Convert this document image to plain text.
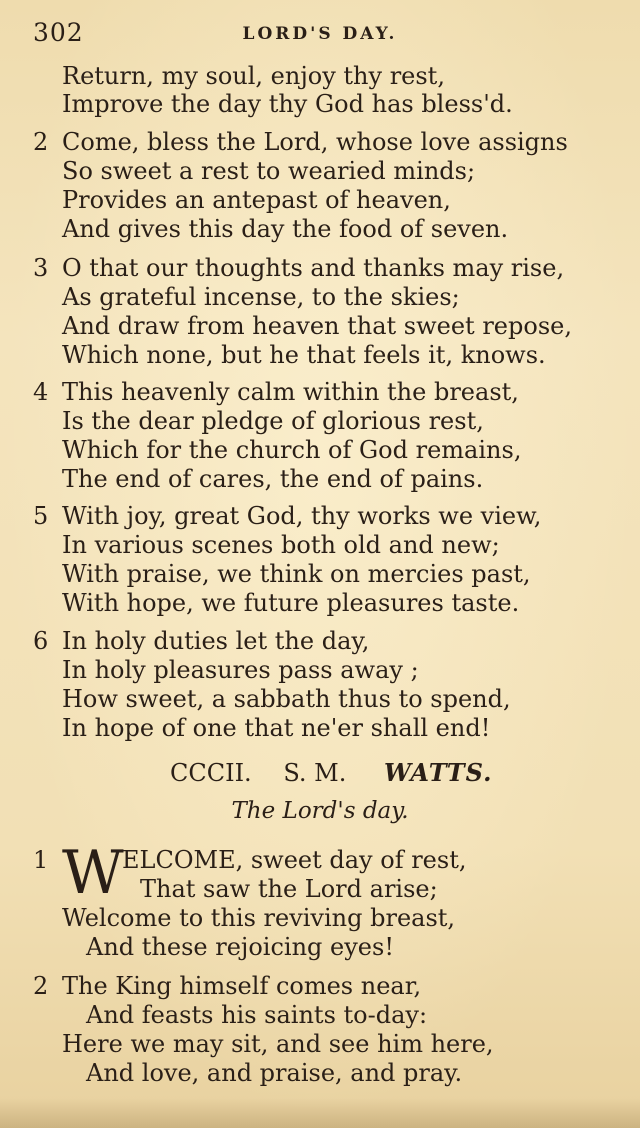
302	LORD'S DAY.
Return, my soul, enjoy thy rest,
Improve the day thy God has bless'd.
2 Come, bless the Lord, whose love assigns
So sweet a rest to wearied minds;
Provides an antepast of heaven,
And gives this day the food of seven.
3 O that our thoughts and thanks may rise,
As grateful incense, to the skies;
And draw from heaven that sweet repose,
Which none, but he that feels it, knows.
4 This heavenly calm within the breast,
Is the dear pledge of glorious rest,
Which for the church of God remains,
The end of cares, the end of pains.
5 With joy, great God, thy works we view,
In various scenes both old and new;
With praise, we think on mercies past,
With hope, we future pleasures taste.
6 In holy duties let the day,
In holy pleasures pass away ;
How sweet, a sabbath thus to spend,
In hope of one that ne'er shall end!
CCCII. S. M. WATTS.
The Lord's day.
1 W
ELCOME, sweet day of rest,
That saw the Lord arise;
Welcome to this reviving breast,
And these rejoicing eyes!
2 The King himself comes near,
And feasts his saints to-day:
Here we may sit, and see him here,
And love, and praise, and pray.
